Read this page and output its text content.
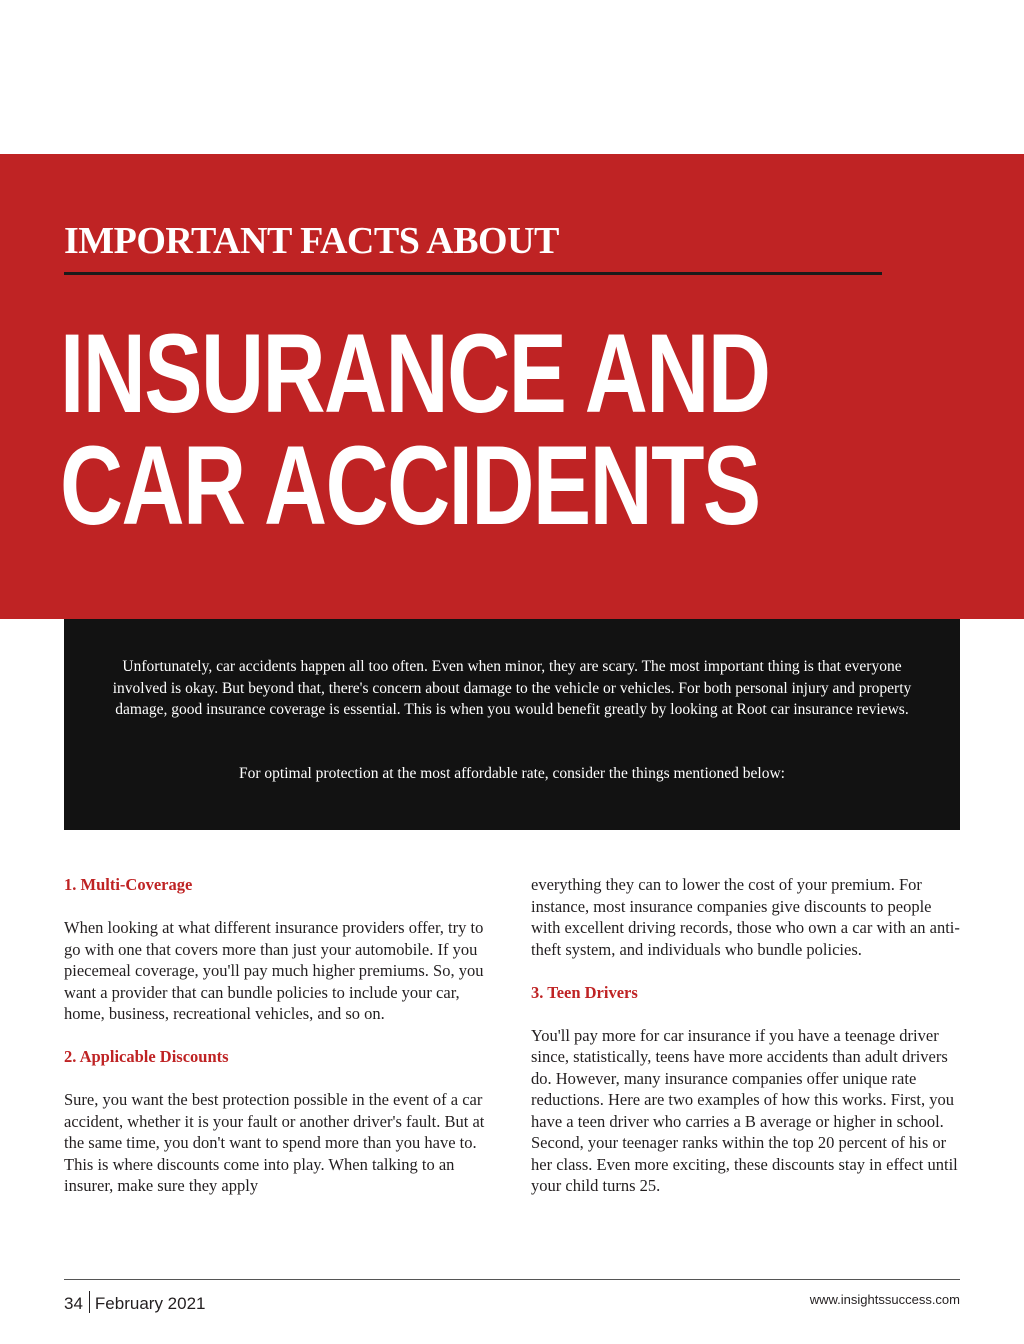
IMPORTANT FACTS ABOUT
INSURANCE AND
CAR ACCIDENTS

Unfortunately, car accidents happen all too often. Even when minor, they are scary. The most important thing is that everyone involved is okay. But beyond that, there's concern about damage to the vehicle or vehicles. For both personal injury and property damage, good insurance coverage is essential. This is when you would benefit greatly by looking at Root car insurance reviews.

For optimal protection at the most affordable rate, consider the things mentioned below:

1. Multi-Coverage

When looking at what different insurance providers offer, try to go with one that covers more than just your automobile. If you piecemeal coverage, you'll pay much higher premiums. So, you want a provider that can bundle policies to include your car, home, business, recreational vehicles, and so on.

2. Applicable Discounts

Sure, you want the best protection possible in the event of a car accident, whether it is your fault or another driver's fault. But at the same time, you don't want to spend more than you have to. This is where discounts come into play. When talking to an insurer, make sure they apply

everything they can to lower the cost of your premium. For instance, most insurance companies give discounts to people with excellent driving records, those who own a car with an anti-theft system, and individuals who bundle policies.

3. Teen Drivers

You'll pay more for car insurance if you have a teenage driver since, statistically, teens have more accidents than adult drivers do. However, many insurance companies offer unique rate reductions. Here are two examples of how this works. First, you have a teen driver who carries a B average or higher in school. Second, your teenager ranks within the top 20 percent of his or her class. Even more exciting, these discounts stay in effect until your child turns 25.

34 February 2021	www.insightssuccess.com
